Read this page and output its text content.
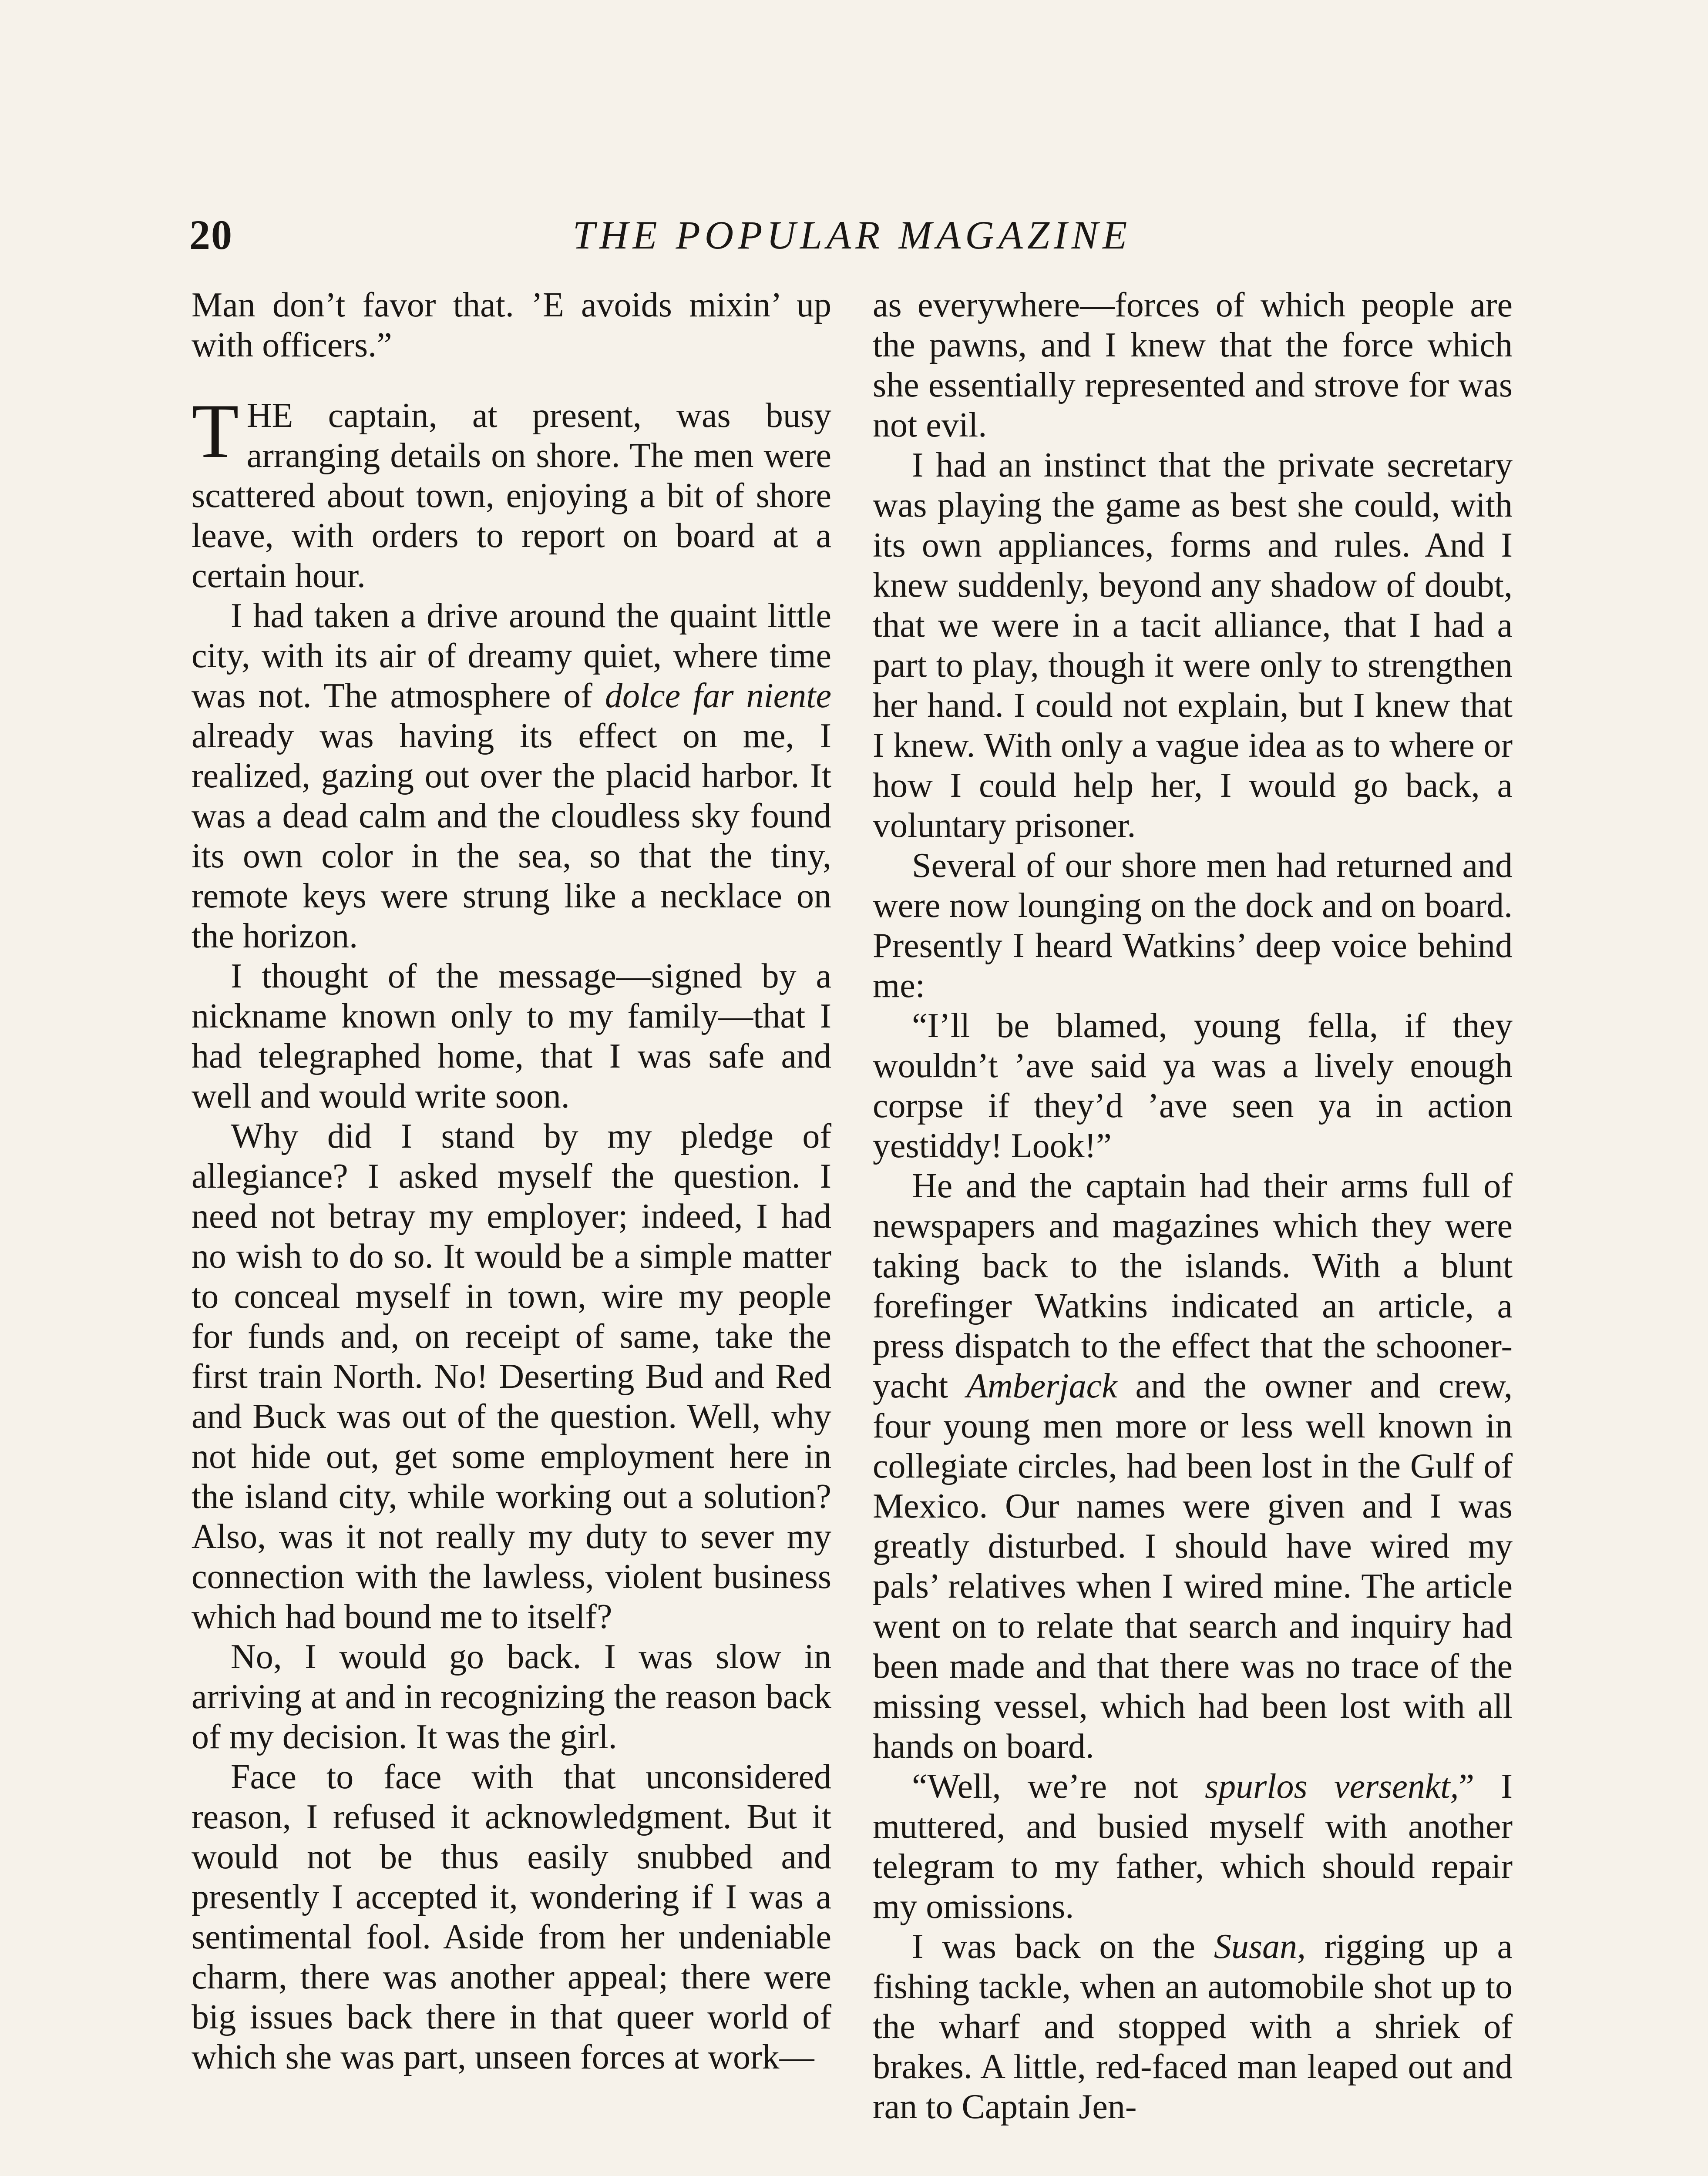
20	THE POPULAR MAGAZINE

Man don’t favor that. ’E avoids mixin’ up with officers.”

THE captain, at present, was busy arranging details on shore. The men were scattered about town, enjoying a bit of shore leave, with orders to report on board at a certain hour.

I had taken a drive around the quaint little city, with its air of dreamy quiet, where time was not. The atmosphere of dolce far niente already was having its effect on me, I realized, gazing out over the placid harbor. It was a dead calm and the cloudless sky found its own color in the sea, so that the tiny, remote keys were strung like a necklace on the horizon.

I thought of the message—signed by a nickname known only to my family—that I had telegraphed home, that I was safe and well and would write soon.

Why did I stand by my pledge of allegiance? I asked myself the question. I need not betray my employer; indeed, I had no wish to do so. It would be a simple matter to conceal myself in town, wire my people for funds and, on receipt of same, take the first train North. No! Deserting Bud and Red and Buck was out of the question. Well, why not hide out, get some employment here in the island city, while working out a solution? Also, was it not really my duty to sever my connection with the lawless, violent business which had bound me to itself?

No, I would go back. I was slow in arriving at and in recognizing the reason back of my decision. It was the girl.

Face to face with that unconsidered reason, I refused it acknowledgment. But it would not be thus easily snubbed and presently I accepted it, wondering if I was a sentimental fool. Aside from her undeniable charm, there was another appeal; there were big issues back there in that queer world of which she was part, unseen forces at work—

as everywhere—forces of which people are the pawns, and I knew that the force which she essentially represented and strove for was not evil.

I had an instinct that the private secretary was playing the game as best she could, with its own appliances, forms and rules. And I knew suddenly, beyond any shadow of doubt, that we were in a tacit alliance, that I had a part to play, though it were only to strengthen her hand. I could not explain, but I knew that I knew. With only a vague idea as to where or how I could help her, I would go back, a voluntary prisoner.

Several of our shore men had returned and were now lounging on the dock and on board. Presently I heard Watkins’ deep voice behind me:

“I’ll be blamed, young fella, if they wouldn’t ’ave said ya was a lively enough corpse if they’d ’ave seen ya in action yestiddy! Look!”

He and the captain had their arms full of newspapers and magazines which they were taking back to the islands. With a blunt forefinger Watkins indicated an article, a press dispatch to the effect that the schooner-yacht Amberjack and the owner and crew, four young men more or less well known in collegiate circles, had been lost in the Gulf of Mexico. Our names were given and I was greatly disturbed. I should have wired my pals’ relatives when I wired mine. The article went on to relate that search and inquiry had been made and that there was no trace of the missing vessel, which had been lost with all hands on board.

“Well, we’re not spurlos versenkt,” I muttered, and busied myself with another telegram to my father, which should repair my omissions.

I was back on the Susan, rigging up a fishing tackle, when an automobile shot up to the wharf and stopped with a shriek of brakes. A little, red-faced man leaped out and ran to Captain Jen-
